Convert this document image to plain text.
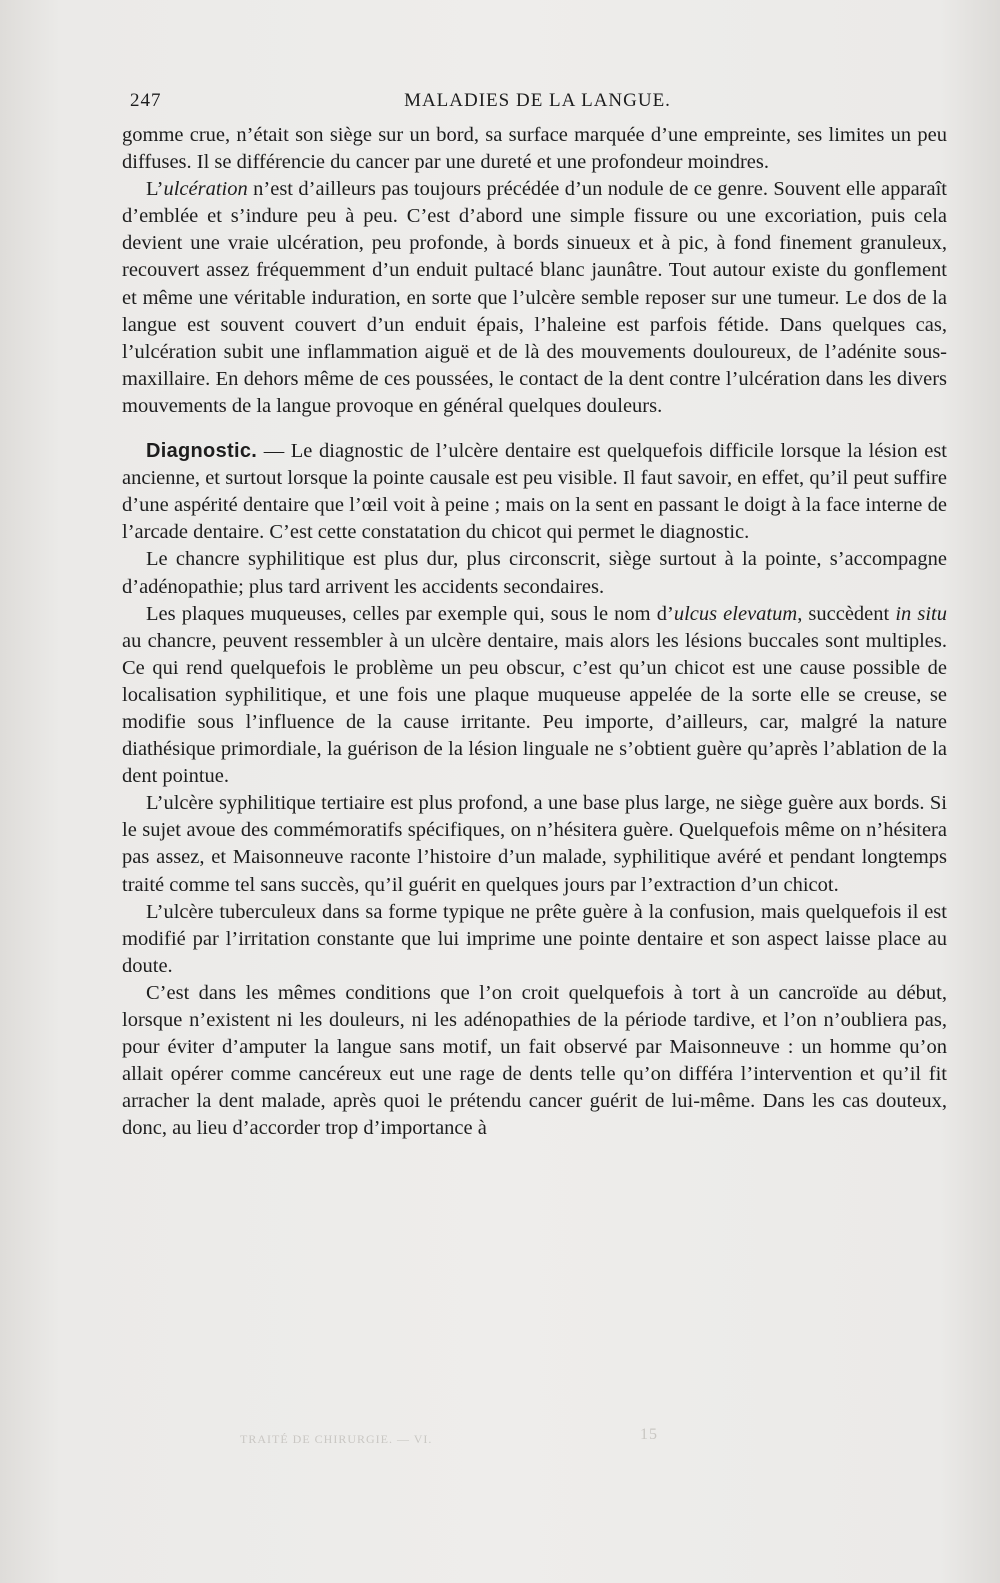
247	MALADIES DE LA LANGUE.

gomme crue, n’était son siège sur un bord, sa surface marquée d’une empreinte, ses limites un peu diffuses. Il se différencie du cancer par une dureté et une profondeur moindres.

L’ulcération n’est d’ailleurs pas toujours précédée d’un nodule de ce genre. Souvent elle apparaît d’emblée et s’indure peu à peu. C’est d’abord une simple fissure ou une excoriation, puis cela devient une vraie ulcération, peu profonde, à bords sinueux et à pic, à fond finement granuleux, recouvert assez fréquemment d’un enduit pultacé blanc jaunâtre. Tout autour existe du gonflement et même une véritable induration, en sorte que l’ulcère semble reposer sur une tumeur. Le dos de la langue est souvent couvert d’un enduit épais, l’haleine est parfois fétide. Dans quelques cas, l’ulcération subit une inflammation aiguë et de là des mouvements douloureux, de l’adénite sous-maxillaire. En dehors même de ces poussées, le contact de la dent contre l’ulcération dans les divers mouvements de la langue provoque en général quelques douleurs.

Diagnostic. — Le diagnostic de l’ulcère dentaire est quelquefois difficile lorsque la lésion est ancienne, et surtout lorsque la pointe causale est peu visible. Il faut savoir, en effet, qu’il peut suffire d’une aspérité dentaire que l’œil voit à peine ; mais on la sent en passant le doigt à la face interne de l’arcade dentaire. C’est cette constatation du chicot qui permet le diagnostic.

Le chancre syphilitique est plus dur, plus circonscrit, siège surtout à la pointe, s’accompagne d’adénopathie; plus tard arrivent les accidents secondaires.

Les plaques muqueuses, celles par exemple qui, sous le nom d’ulcus elevatum, succèdent in situ au chancre, peuvent ressembler à un ulcère dentaire, mais alors les lésions buccales sont multiples. Ce qui rend quelquefois le problème un peu obscur, c’est qu’un chicot est une cause possible de localisation syphilitique, et une fois une plaque muqueuse appelée de la sorte elle se creuse, se modifie sous l’influence de la cause irritante. Peu importe, d’ailleurs, car, malgré la nature diathésique primordiale, la guérison de la lésion linguale ne s’obtient guère qu’après l’ablation de la dent pointue.

L’ulcère syphilitique tertiaire est plus profond, a une base plus large, ne siège guère aux bords. Si le sujet avoue des commémoratifs spécifiques, on n’hésitera guère. Quelquefois même on n’hésitera pas assez, et Maisonneuve raconte l’histoire d’un malade, syphilitique avéré et pendant longtemps traité comme tel sans succès, qu’il guérit en quelques jours par l’extraction d’un chicot.

L’ulcère tuberculeux dans sa forme typique ne prête guère à la confusion, mais quelquefois il est modifié par l’irritation constante que lui imprime une pointe dentaire et son aspect laisse place au doute.

C’est dans les mêmes conditions que l’on croit quelquefois à tort à un cancroïde au début, lorsque n’existent ni les douleurs, ni les adénopathies de la période tardive, et l’on n’oubliera pas, pour éviter d’amputer la langue sans motif, un fait observé par Maisonneuve : un homme qu’on allait opérer comme cancéreux eut une rage de dents telle qu’on différa l’intervention et qu’il fit arracher la dent malade, après quoi le prétendu cancer guérit de lui-même. Dans les cas douteux, donc, au lieu d’accorder trop d’importance à

TRAITÉ DE CHIRURGIE. — VI.	15
